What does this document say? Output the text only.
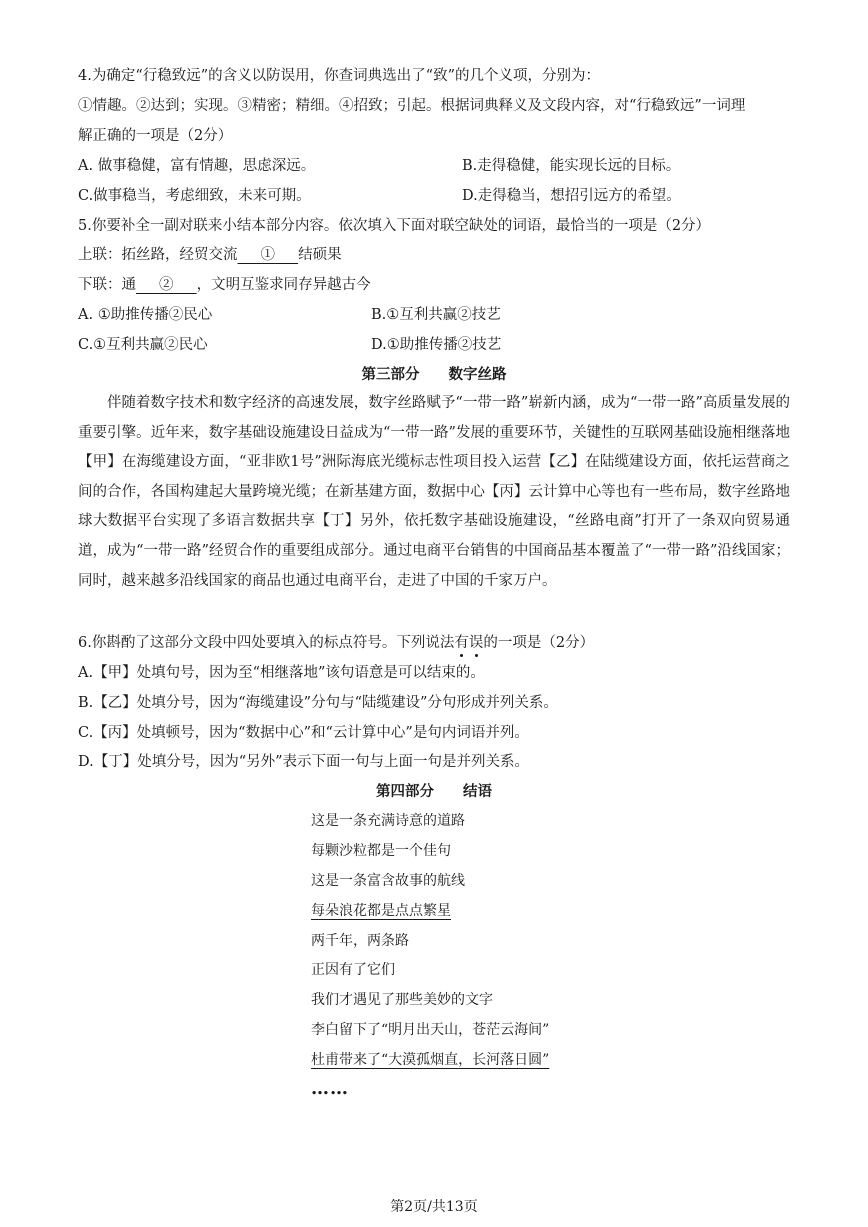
4.为确定“行稳致远”的含义以防误用，你查词典选出了“致”的几个义项，分别为：
①情趣。②达到；实现。③精密；精细。④招致；引起。根据词典释义及文段内容，对“行稳致远”一词理
解正确的一项是（2分）
A. 做事稳健，富有情趣，思虑深远。	B.走得稳健，能实现长远的目标。
C.做事稳当，考虑细致，未来可期。	D.走得稳当，想招引远方的希望。
5.你要补全一副对联来小结本部分内容。依次填入下面对联空缺处的词语，最恰当的一项是（2分）
上联：拓丝路，经贸交流 ① 结硕果
下联：通 ② ，文明互鉴求同存异越古今
A. ①助推传播②民心	B.①互利共赢②技艺
C.①互利共赢②民心	D.①助推传播②技艺
第三部分　　数字丝路
伴随着数字技术和数字经济的高速发展，数字丝路赋予“一带一路”崭新内涵，成为“一带一路”高质量发展的重要引擎。近年来，数字基础设施建设日益成为“一带一路”发展的重要环节，关键性的互联网基础设施相继落地【甲】在海缆建设方面，“亚非欧1号”洲际海底光缆标志性项目投入运营【乙】在陆缆建设方面，依托运营商之间的合作，各国构建起大量跨境光缆；在新基建方面，数据中心【丙】云计算中心等也有一些布局，数字丝路地球大数据平台实现了多语言数据共享【丁】另外，依托数字基础设施建设，“丝路电商”打开了一条双向贸易通道，成为“一带一路”经贸合作的重要组成部分。通过电商平台销售的中国商品基本覆盖了“一带一路”沿线国家；同时，越来越多沿线国家的商品也通过电商平台，走进了中国的千家万户。
6.你斟酌了这部分文段中四处要填入的标点符号。下列说法有误
的一项是（2分）
A.【甲】处填句号，因为至“相继落地”该句语意是可以结束的。
B.【乙】处填分号，因为“海缆建设”分句与“陆缆建设”分句形成并列关系。
C.【丙】处填顿号，因为“数据中心”和“云计算中心”是句内词语并列。
D.【丁】处填分号，因为“另外”表示下面一句与上面一句是并列关系。
第四部分　　结语
这是一条充满诗意的道路
每颗沙粒都是一个佳句
这是一条富含故事的航线
每朵浪花都是点点繁星
两千年，两条路
正因有了它们
我们才遇见了那些美妙的文字
李白留下了“明月出天山，苍茫云海间”
杜甫带来了“大漠孤烟直，长河落日圆”
……
第2页/共13页
